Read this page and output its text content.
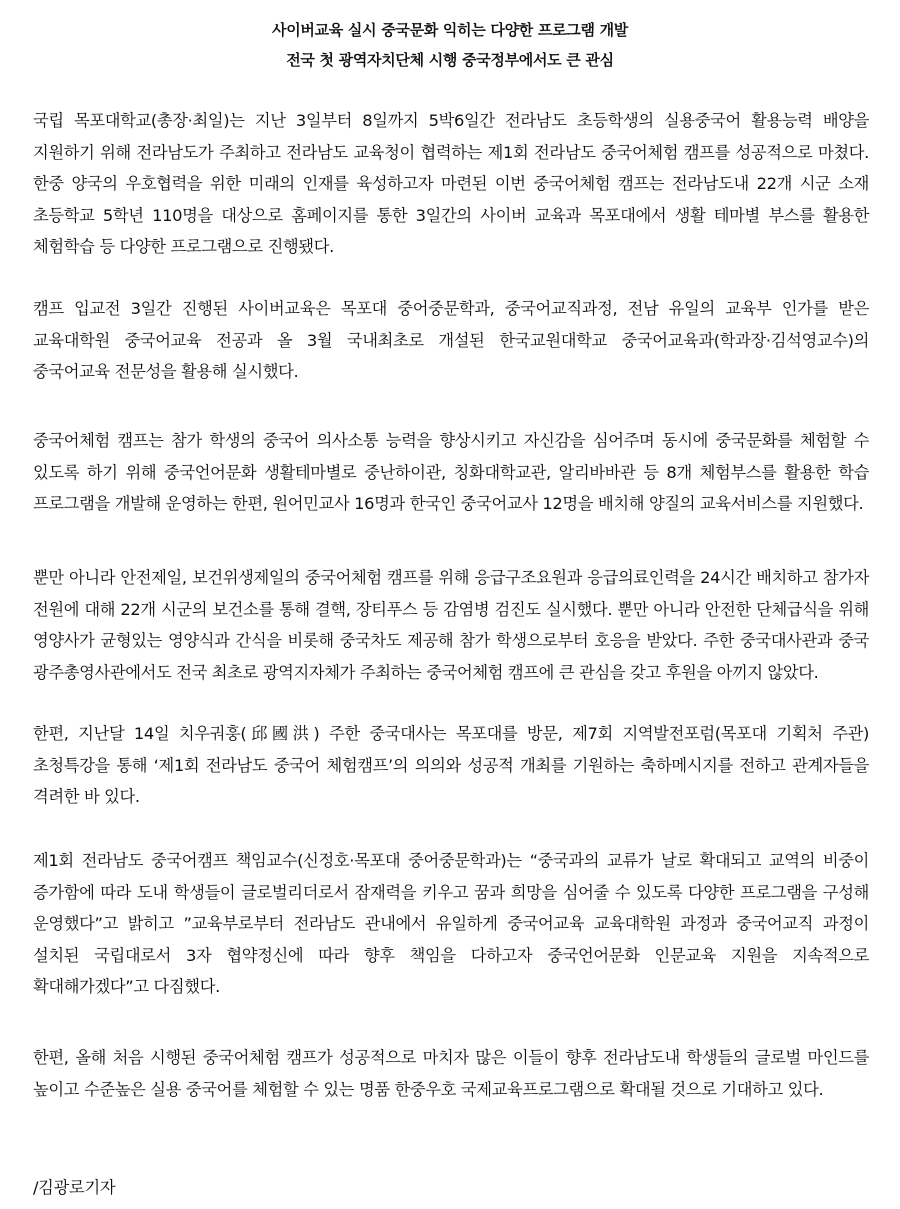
사이버교육 실시 중국문화 익히는 다양한 프로그램 개발
전국 첫 광역자치단체 시행 중국정부에서도 큰 관심

국립 목포대학교(총장·최일)는 지난 3일부터 8일까지 5박6일간 전라남도 초등학생의 실용중국어 활용능력 배양을 지원하기 위해 전라남도가 주최하고 전라남도 교육청이 협력하는 제1회 전라남도 중국어체험 캠프를 성공적으로 마쳤다. 한중 양국의 우호협력을 위한 미래의 인재를 육성하고자 마련된 이번 중국어체험 캠프는 전라남도내 22개 시군 소재 초등학교 5학년 110명을 대상으로 홈페이지를 통한 3일간의 사이버 교육과 목포대에서 생활 테마별 부스를 활용한 체험학습 등 다양한 프로그램으로 진행됐다.

캠프 입교전 3일간 진행된 사이버교육은 목포대 중어중문학과, 중국어교직과정, 전남 유일의 교육부 인가를 받은 교육대학원 중국어교육 전공과 올 3월 국내최초로 개설된 한국교원대학교 중국어교육과(학과장·김석영교수)의 중국어교육 전문성을 활용해 실시했다.

중국어체험 캠프는 참가 학생의 중국어 의사소통 능력을 향상시키고 자신감을 심어주며 동시에 중국문화를 체험할 수 있도록 하기 위해 중국언어문화 생활테마별로 중난하이관, 칭화대학교관, 알리바바관 등 8개 체험부스를 활용한 학습 프로그램을 개발해 운영하는 한편, 원어민교사 16명과 한국인 중국어교사 12명을 배치해 양질의 교육서비스를 지원했다.

뿐만 아니라 안전제일, 보건위생제일의 중국어체험 캠프를 위해 응급구조요원과 응급의료인력을 24시간 배치하고 참가자 전원에 대해 22개 시군의 보건소를 통해 결핵, 장티푸스 등 감염병 검진도 실시했다. 뿐만 아니라 안전한 단체급식을 위해 영양사가 균형있는 영양식과 간식을 비롯해 중국차도 제공해 참가 학생으로부터 호응을 받았다. 주한 중국대사관과 중국 광주총영사관에서도 전국 최초로 광역지자체가 주최하는 중국어체험 캠프에 큰 관심을 갖고 후원을 아끼지 않았다.

한편, 지난달 14일 치우궈훙(邱國洪) 주한 중국대사는 목포대를 방문, 제7회 지역발전포럼(목포대 기획처 주관) 초청특강을 통해 ‘제1회 전라남도 중국어 체험캠프’의 의의와 성공적 개최를 기원하는 축하메시지를 전하고 관계자들을 격려한 바 있다.

제1회 전라남도 중국어캠프 책임교수(신정호·목포대 중어중문학과)는 “중국과의 교류가 날로 확대되고 교역의 비중이 증가함에 따라 도내 학생들이 글로벌리더로서 잠재력을 키우고 꿈과 희망을 심어줄 수 있도록 다양한 프로그램을 구성해 운영했다”고 밝히고 ”교육부로부터 전라남도 관내에서 유일하게 중국어교육 교육대학원 과정과 중국어교직 과정이 설치된 국립대로서 3자 협약정신에 따라 향후 책임을 다하고자 중국언어문화 인문교육 지원을 지속적으로 확대해가겠다”고 다짐했다.

한편, 올해 처음 시행된 중국어체험 캠프가 성공적으로 마치자 많은 이들이 향후 전라남도내 학생들의 글로벌 마인드를 높이고 수준높은 실용 중국어를 체험할 수 있는 명품 한중우호 국제교육프로그램으로 확대될 것으로 기대하고 있다.

/김광로기자
